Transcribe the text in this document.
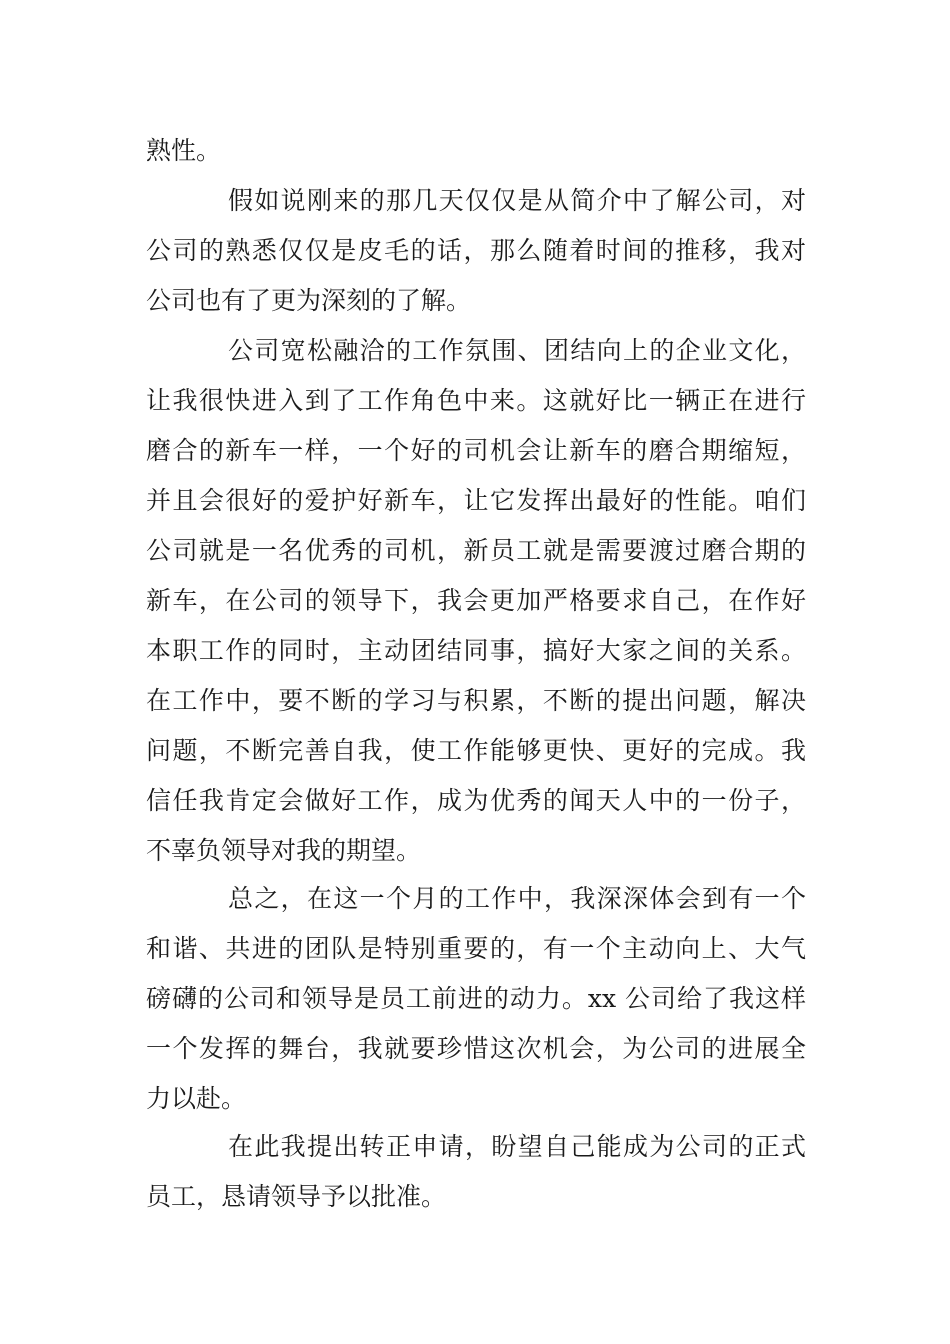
熟性。
假如说刚来的那几天仅仅是从简介中了解公司，对
公司的熟悉仅仅是皮毛的话，那么随着时间的推移，我对
公司也有了更为深刻的了解。
公司宽松融洽的工作氛围、团结向上的企业文化，
让我很快进入到了工作角色中来。这就好比一辆正在进行
磨合的新车一样，一个好的司机会让新车的磨合期缩短，
并且会很好的爱护好新车，让它发挥出最好的性能。咱们
公司就是一名优秀的司机，新员工就是需要渡过磨合期的
新车，在公司的领导下，我会更加严格要求自己，在作好
本职工作的同时，主动团结同事，搞好大家之间的关系。
在工作中，要不断的学习与积累，不断的提出问题，解决
问题，不断完善自我，使工作能够更快、更好的完成。我
信任我肯定会做好工作，成为优秀的闻天人中的一份子，
不辜负领导对我的期望。
总之，在这一个月的工作中，我深深体会到有一个
和谐、共进的团队是特别重要的，有一个主动向上、大气
磅礴的公司和领导是员工前进的动力。xx 公司给了我这样
一个发挥的舞台，我就要珍惜这次机会，为公司的进展全
力以赴。
在此我提出转正申请，盼望自己能成为公司的正式
员工，恳请领导予以批准。
